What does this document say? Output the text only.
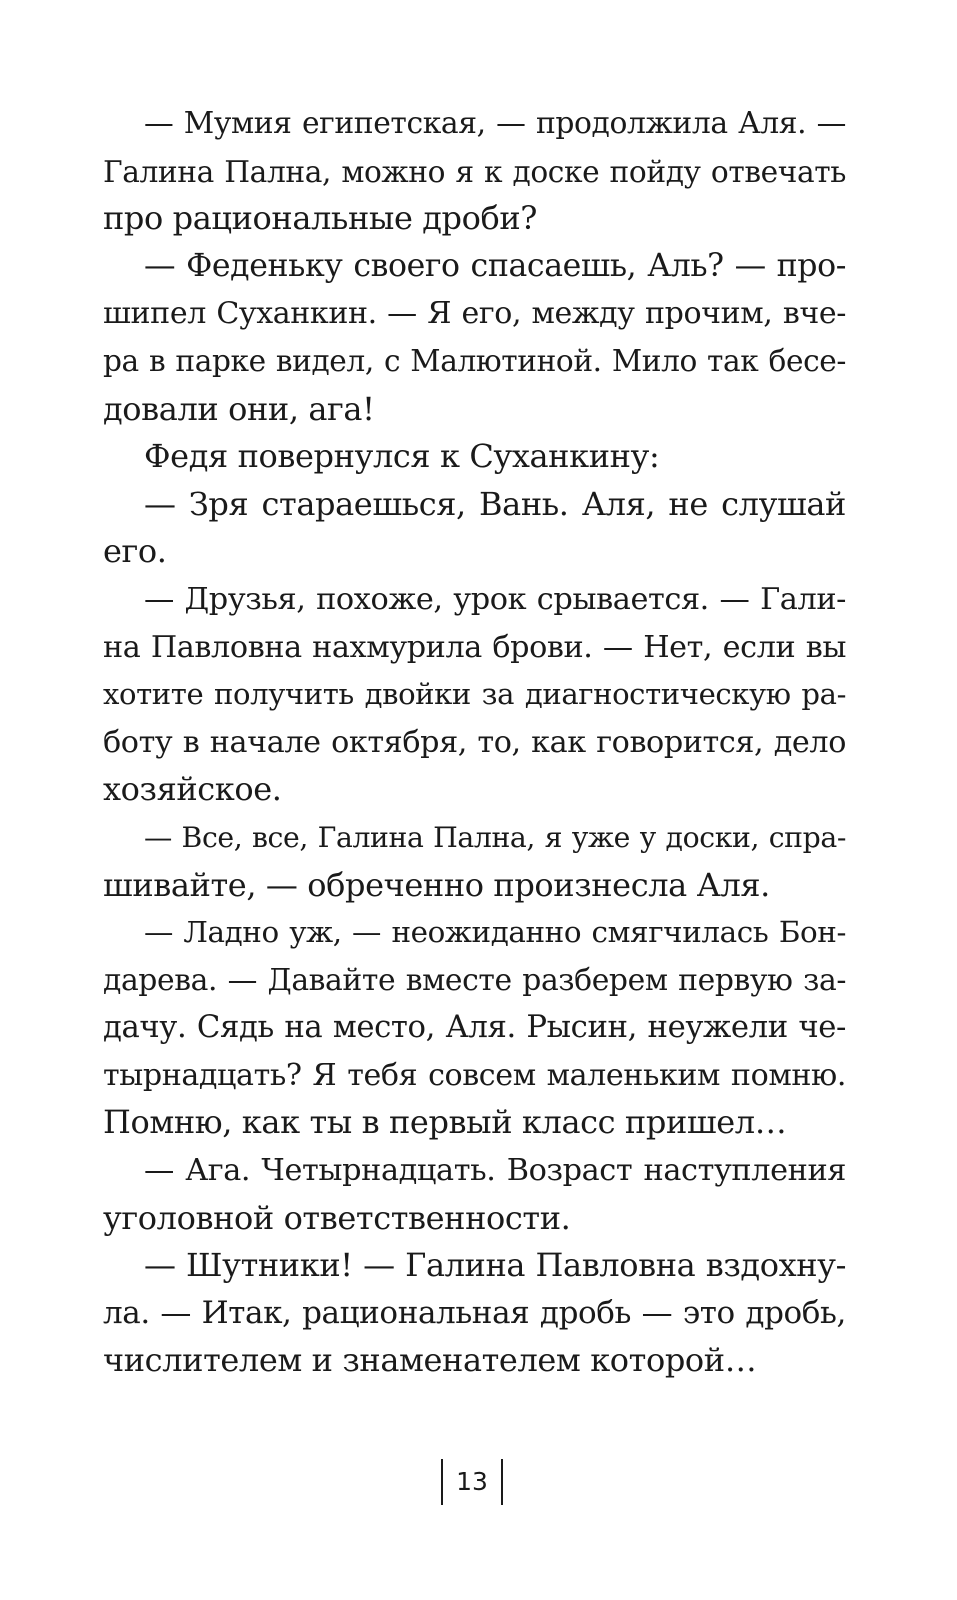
— Мумия египетская, — продолжила Аля. —
Галина Пална, можно я к доске пойду отвечать
про рациональные дроби?
— Феденьку своего спасаешь, Аль? — про-
шипел Суханкин. — Я его, между прочим, вче-
ра в парке видел, с Малютиной. Мило так бесе-
довали они, ага!
Федя повернулся к Суханкину:
— Зря стараешься, Вань. Аля, не слушай
его.
— Друзья, похоже, урок срывается. — Гали-
на Павловна нахмурила брови. — Нет, если вы
хотите получить двойки за диагностическую ра-
боту в начале октября, то, как говорится, дело
хозяйское.
— Все, все, Галина Пална, я уже у доски, спра-
шивайте, — обреченно произнесла Аля.
— Ладно уж, — неожиданно смягчилась Бон-
дарева. — Давайте вместе разберем первую за-
дачу. Сядь на место, Аля. Рысин, неужели че-
тырнадцать? Я тебя совсем маленьким помню.
Помню, как ты в первый класс пришел…
— Ага. Четырнадцать. Возраст наступления
уголовной ответственности.
— Шутники! — Галина Павловна вздохну-
ла. — Итак, рациональная дробь — это дробь,
числителем и знаменателем которой…
13
